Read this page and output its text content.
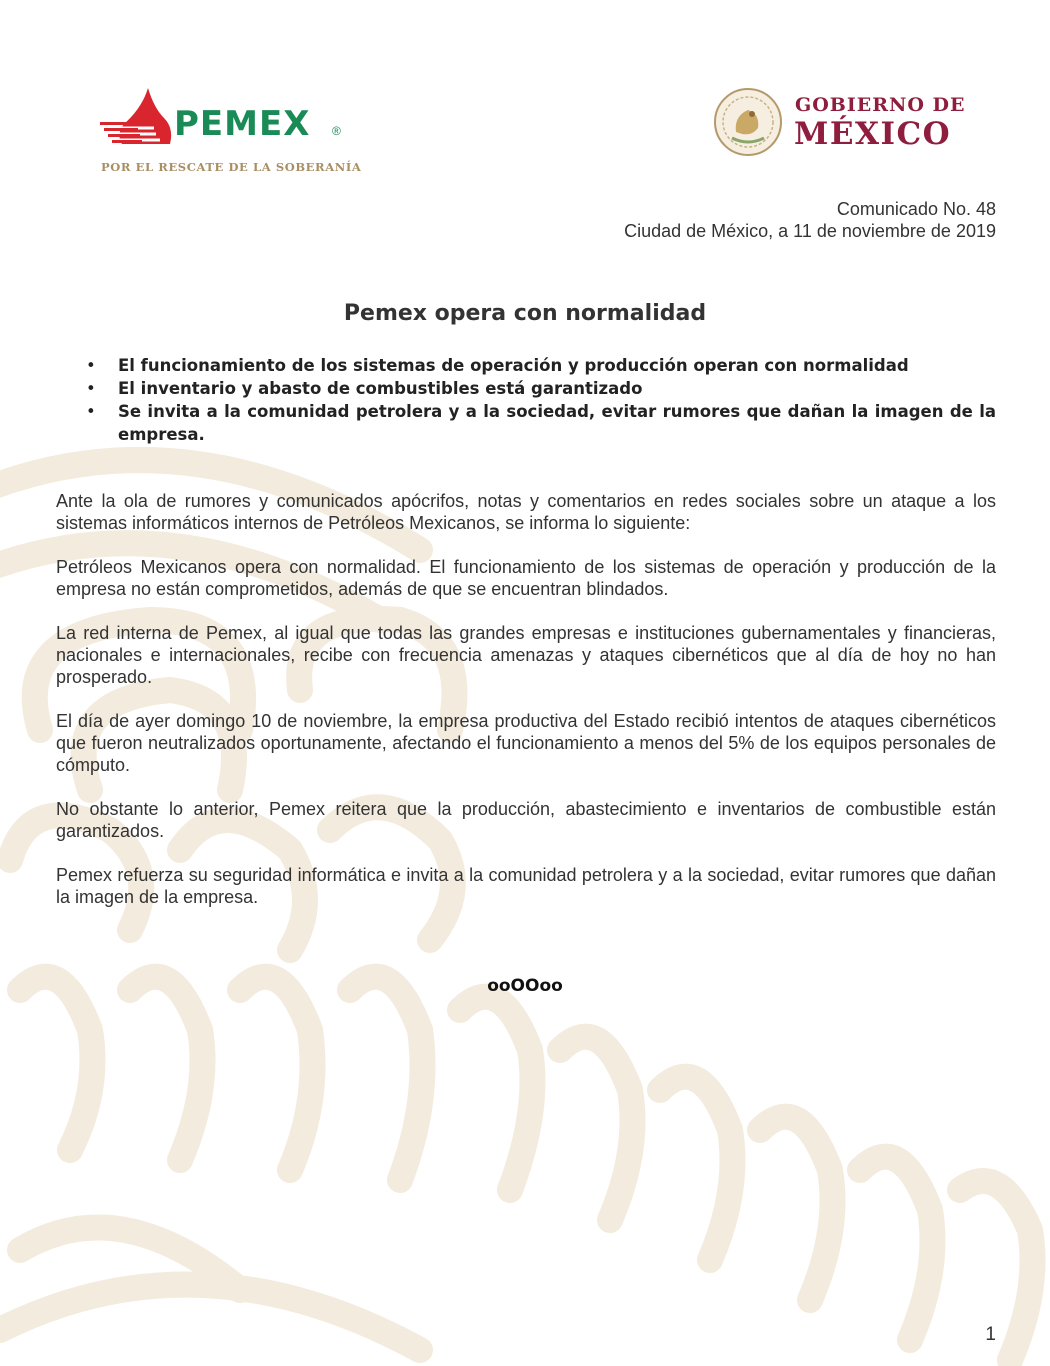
PEMEX ®
POR EL RESCATE DE LA SOBERANÍA
GOBIERNO DE
MÉXICO
Comunicado No. 48
Ciudad de México, a 11 de noviembre de 2019
Pemex opera con normalidad
• El funcionamiento de los sistemas de operación y producción operan con normalidad
• El inventario y abasto de combustibles está garantizado
• Se invita a la comunidad petrolera y a la sociedad, evitar rumores que dañan la imagen de la empresa.

Ante la ola de rumores y comunicados apócrifos, notas y comentarios en redes sociales sobre un ataque a los sistemas informáticos internos de Petróleos Mexicanos, se informa lo siguiente:

Petróleos Mexicanos opera con normalidad. El funcionamiento de los sistemas de operación y producción de la empresa no están comprometidos, además de que se encuentran blindados.

La red interna de Pemex, al igual que todas las grandes empresas e instituciones gubernamentales y financieras, nacionales e internacionales, recibe con frecuencia amenazas y ataques cibernéticos que al día de hoy no han prosperado.

El día de ayer domingo 10 de noviembre, la empresa productiva del Estado recibió intentos de ataques cibernéticos que fueron neutralizados oportunamente, afectando el funcionamiento a menos del 5% de los equipos personales de cómputo.

No obstante lo anterior, Pemex reitera que la producción, abastecimiento e inventarios de combustible están garantizados.

Pemex refuerza su seguridad informática e invita a la comunidad petrolera y a la sociedad, evitar rumores que dañan la imagen de la empresa.

ooOOoo
1
